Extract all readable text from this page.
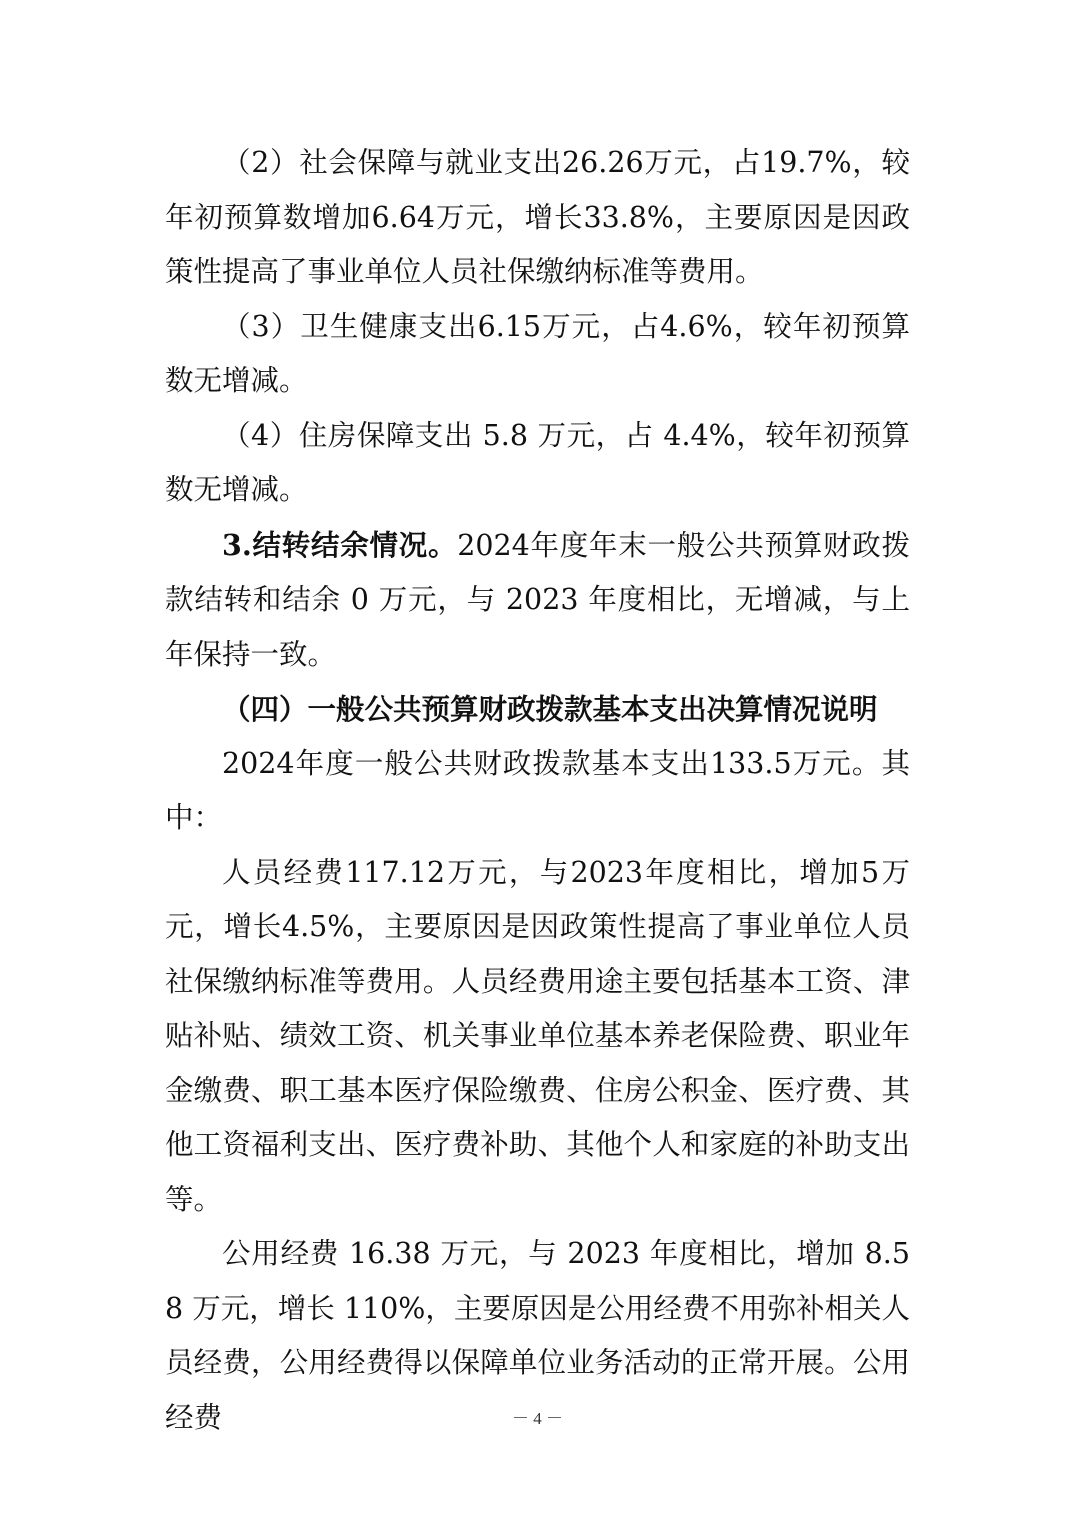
（2）社会保障与就业支出26.26万元，占19.7%，较年初预算数增加6.64万元，增长33.8%，主要原因是因政策性提高了事业单位人员社保缴纳标准等费用。

（3）卫生健康支出6.15万元，占4.6%，较年初预算数无增减。

（4）住房保障支出 5.8 万元，占 4.4%，较年初预算数无增减。

3.结转结余情况。2024年度年末一般公共预算财政拨款结转和结余 0 万元，与 2023 年度相比，无增减，与上年保持一致。

（四）一般公共预算财政拨款基本支出决算情况说明

2024年度一般公共财政拨款基本支出133.5万元。其中：

人员经费117.12万元，与2023年度相比，增加5万元，增长4.5%，主要原因是因政策性提高了事业单位人员社保缴纳标准等费用。人员经费用途主要包括基本工资、津贴补贴、绩效工资、机关事业单位基本养老保险费、职业年金缴费、职工基本医疗保险缴费、住房公积金、医疗费、其他工资福利支出、医疗费补助、其他个人和家庭的补助支出等。

公用经费 16.38 万元，与 2023 年度相比，增加 8.58 万元，增长 110%，主要原因是公用经费不用弥补相关人员经费，公用经费得以保障单位业务活动的正常开展。公用经费	－ 4 －
